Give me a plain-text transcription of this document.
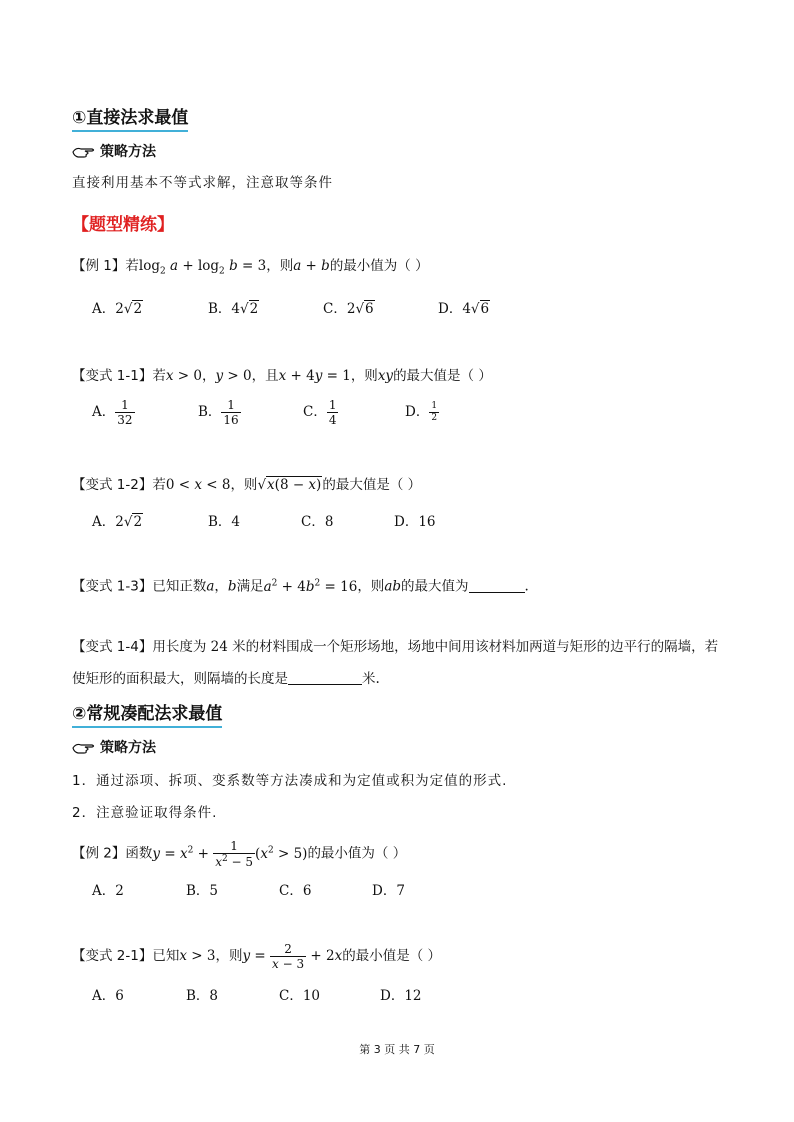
①直接法求最值
策略方法
直接利用基本不等式求解，注意取等条件
【题型精练】
【例 1】若$\log_2 a + \log_2 b = 3$，则a + b的最小值为（ ）
A．2√2	B．4√2	C．2√6	D．4√6
【变式 1-1】若x > 0，y > 0，且x + 4y = 1，则xy的最大值是（ ）
A． $\frac{1}{32}$	B． $\frac{1}{16}$	C． $\frac{1}{4}$	D． $\frac{1}{2}$
【变式 1-2】若0 < x < 8，则√x(8 − x)的最大值是（ ）
A．2√2	B．4	C．8	D．16
【变式 1-3】已知正数a，b满足$a^2 + 4b^2 = 16$，则ab的最大值为	.
【变式 1-4】用长度为 24 米的材料围成一个矩形场地，场地中间用该材料加两道与矩形的边平行的隔墙，若
使矩形的面积最大，则隔墙的长度是	米.
②常规凑配法求最值
策略方法
1．通过添项、拆项、变系数等方法凑成和为定值或积为定值的形式.
2．注意验证取得条件.
【例 2】函数$y = x^2 + \frac{1}{x^2 - 5} (x^2 > 5)$的最小值为（ ）
A．2	B．5	C．6	D．7
【变式 2-1】已知x > 3，则$y = \frac{2}{x - 3} + 2x$的最小值是（ ）
A．6	B．8	C．10	D．12
第 3 页 共 7 页
